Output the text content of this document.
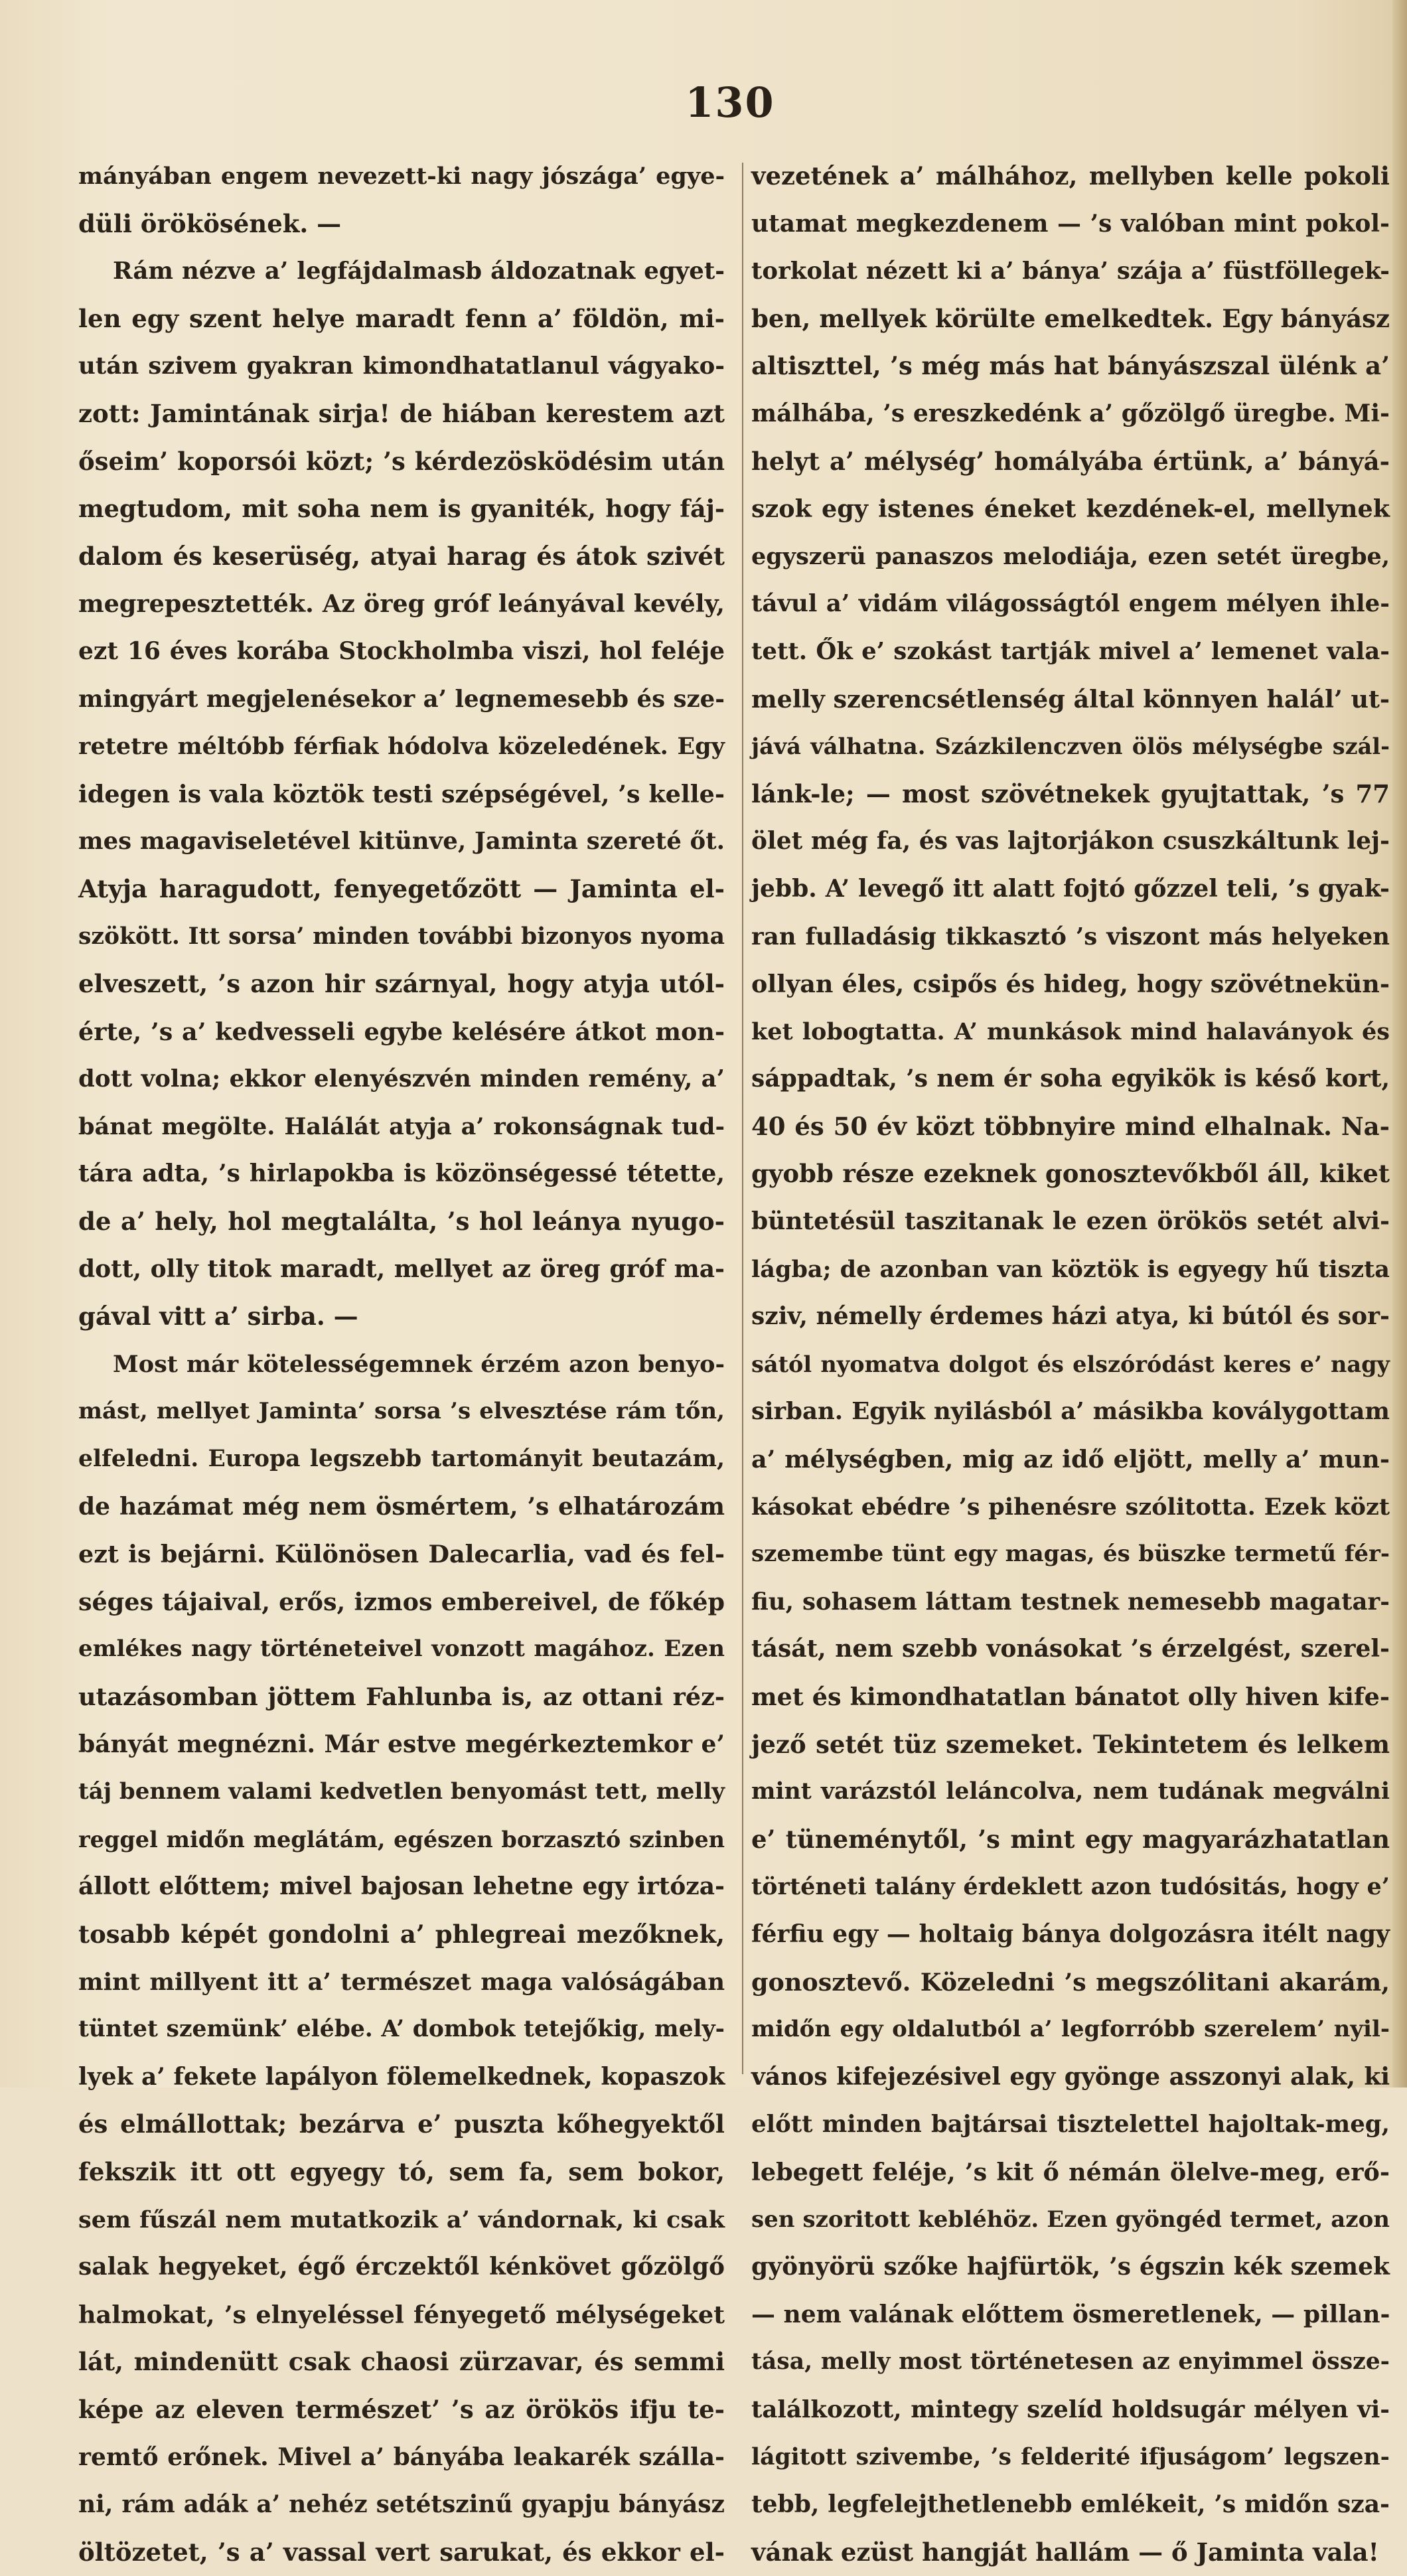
130
mányában engem nevezett-ki nagy jószága’ egye-
düli örökösének. —
Rám nézve a’ legfájdalmasb áldozatnak egyet-
len egy szent helye maradt fenn a’ földön, mi-
után szivem gyakran kimondhatatlanul vágyako-
zott: Jamintának sirja! de hiában kerestem azt
őseim’ koporsói közt; ’s kérdezösködésim után
megtudom, mit soha nem is gyaniték, hogy fáj-
dalom és keserüség, atyai harag és átok szivét
megrepesztették. Az öreg gróf leányával kevély,
ezt 16 éves korába Stockholmba viszi, hol feléje
mingyárt megjelenésekor a’ legnemesebb és sze-
retetre méltóbb férfiak hódolva közeledének. Egy
idegen is vala köztök testi szépségével, ’s kelle-
mes magaviseletével kitünve, Jaminta szereté őt.
Atyja haragudott, fenyegetőzött — Jaminta el-
szökött. Itt sorsa’ minden további bizonyos nyoma
elveszett, ’s azon hir szárnyal, hogy atyja utól-
érte, ’s a’ kedvesseli egybe kelésére átkot mon-
dott volna; ekkor elenyészvén minden remény, a’
bánat megölte. Halálát atyja a’ rokonságnak tud-
tára adta, ’s hirlapokba is közönségessé tétette,
de a’ hely, hol megtalálta, ’s hol leánya nyugo-
dott, olly titok maradt, mellyet az öreg gróf ma-
gával vitt a’ sirba. —
Most már kötelességemnek érzém azon benyo-
mást, mellyet Jaminta’ sorsa ’s elvesztése rám tőn,
elfeledni. Europa legszebb tartományit beutazám,
de hazámat még nem ösmértem, ’s elhatározám
ezt is bejárni. Különösen Dalecarlia, vad és fel-
séges tájaival, erős, izmos embereivel, de főkép
emlékes nagy történeteivel vonzott magához. Ezen
utazásomban jöttem Fahlunba is, az ottani réz-
bányát megnézni. Már estve megérkeztemkor e’
táj bennem valami kedvetlen benyomást tett, melly
reggel midőn meglátám, egészen borzasztó szinben
állott előttem; mivel bajosan lehetne egy irtóza-
tosabb képét gondolni a’ phlegreai mezőknek,
mint millyent itt a’ természet maga valóságában
tüntet szemünk’ elébe. A’ dombok tetejőkig, mely-
lyek a’ fekete lapályon fölemelkednek, kopaszok
és elmállottak; bezárva e’ puszta kőhegyektől
fekszik itt ott egyegy tó, sem fa, sem bokor,
sem fűszál nem mutatkozik a’ vándornak, ki csak
salak hegyeket, égő érczektől kénkövet gőzölgő
halmokat, ’s elnyeléssel fényegető mélységeket
lát, mindenütt csak chaosi zürzavar, és semmi
képe az eleven természet’ ’s az örökös ifju te-
remtő erőnek. Mivel a’ bányába leakarék szálla-
ni, rám adák a’ nehéz setétszinű gyapju bányász
öltözetet, ’s a’ vassal vert sarukat, és ekkor el-
vezetének a’ málhához, mellyben kelle pokoli
utamat megkezdenem — ’s valóban mint pokol-
torkolat nézett ki a’ bánya’ szája a’ füstföllegek-
ben, mellyek körülte emelkedtek. Egy bányász
altiszttel, ’s még más hat bányászszal ülénk a’
málhába, ’s ereszkedénk a’ gőzölgő üregbe. Mi-
helyt a’ mélység’ homályába értünk, a’ bányá-
szok egy istenes éneket kezdének-el, mellynek
egyszerü panaszos melodiája, ezen setét üregbe,
távul a’ vidám világosságtól engem mélyen ihle-
tett. Ők e’ szokást tartják mivel a’ lemenet vala-
melly szerencsétlenség által könnyen halál’ ut-
jává válhatna. Százkilenczven ölös mélységbe szál-
lánk-le; — most szövétnekek gyujtattak, ’s 77
ölet még fa, és vas lajtorjákon csuszkáltunk lej-
jebb. A’ levegő itt alatt fojtó gőzzel teli, ’s gyak-
ran fulladásig tikkasztó ’s viszont más helyeken
ollyan éles, csipős és hideg, hogy szövétnekün-
ket lobogtatta. A’ munkások mind halaványok és
sáppadtak, ’s nem ér soha egyikök is késő kort,
40 és 50 év közt többnyire mind elhalnak. Na-
gyobb része ezeknek gonosztevőkből áll, kiket
büntetésül taszitanak le ezen örökös setét alvi-
lágba; de azonban van köztök is egyegy hű tiszta
sziv, némelly érdemes házi atya, ki bútól és sor-
sától nyomatva dolgot és elszóródást keres e’ nagy
sirban. Egyik nyilásból a’ másikba koválygottam
a’ mélységben, mig az idő eljött, melly a’ mun-
kásokat ebédre ’s pihenésre szólitotta. Ezek közt
szemembe tünt egy magas, és büszke termetű fér-
fiu, sohasem láttam testnek nemesebb magatar-
tását, nem szebb vonásokat ’s érzelgést, szerel-
met és kimondhatatlan bánatot olly hiven kife-
jező setét tüz szemeket. Tekintetem és lelkem
mint varázstól leláncolva, nem tudának megválni
e’ tüneménytől, ’s mint egy magyarázhatatlan
történeti talány érdeklett azon tudósitás, hogy e’
férfiu egy — holtaig bánya dolgozásra itélt nagy
gonosztevő. Közeledni ’s megszólitani akarám,
midőn egy oldalutból a’ legforróbb szerelem’ nyil-
vános kifejezésivel egy gyönge asszonyi alak, ki
előtt minden bajtársai tisztelettel hajoltak-meg,
lebegett feléje, ’s kit ő némán ölelve-meg, erő-
sen szoritott kebléhöz. Ezen gyöngéd termet, azon
gyönyörü szőke hajfürtök, ’s égszin kék szemek
— nem valának előttem ösmeretlenek, — pillan-
tása, melly most történetesen az enyimmel össze-
találkozott, mintegy szelíd holdsugár mélyen vi-
lágitott szivembe, ’s felderité ifjuságom’ legszen-
tebb, legfelejthetlenebb emlékeit, ’s midőn sza-
vának ezüst hangját hallám — ő Jaminta vala!
